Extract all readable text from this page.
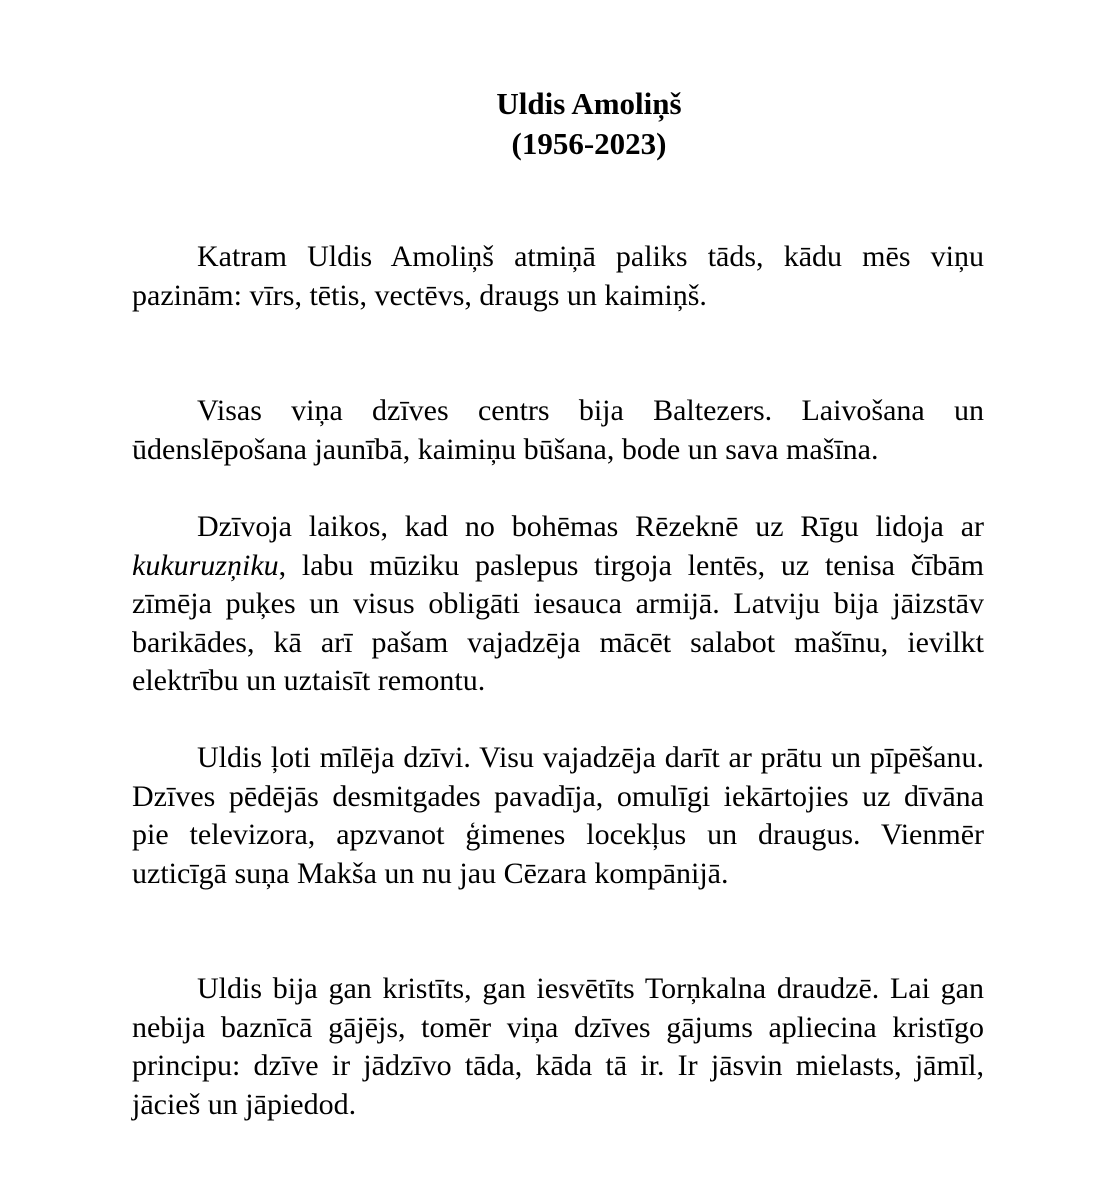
Uldis Amoliņš
(1956-2023)

Katram Uldis Amoliņš atmiņā paliks tāds, kādu mēs viņu pazinām: vīrs, tētis, vectēvs, draugs un kaimiņš.

Visas viņa dzīves centrs bija Baltezers. Laivošana un ūdenslēpošana jaunībā, kaimiņu būšana, bode un sava mašīna.

Dzīvoja laikos, kad no bohēmas Rēzeknē uz Rīgu lidoja ar kukuruzņiku, labu mūziku paslepus tirgoja lentēs, uz tenisa čībām zīmēja puķes un visus obligāti iesauca armijā. Latviju bija jāizstāv barikādes, kā arī pašam vajadzēja mācēt salabot mašīnu, ievilkt elektrību un uztaisīt remontu.

Uldis ļoti mīlēja dzīvi. Visu vajadzēja darīt ar prātu un pīpēšanu. Dzīves pēdējās desmitgades pavadīja, omulīgi iekārtojies uz dīvāna pie televizora, apzvanot ģimenes locekļus un draugus. Vienmēr uzticīgā suņa Makša un nu jau Cēzara kompānijā.

Uldis bija gan kristīts, gan iesvētīts Torņkalna draudzē. Lai gan nebija baznīcā gājējs, tomēr viņa dzīves gājums apliecina kristīgo principu: dzīve ir jādzīvo tāda, kāda tā ir. Ir jāsvin mielasts, jāmīl, jācieš un jāpiedod.
